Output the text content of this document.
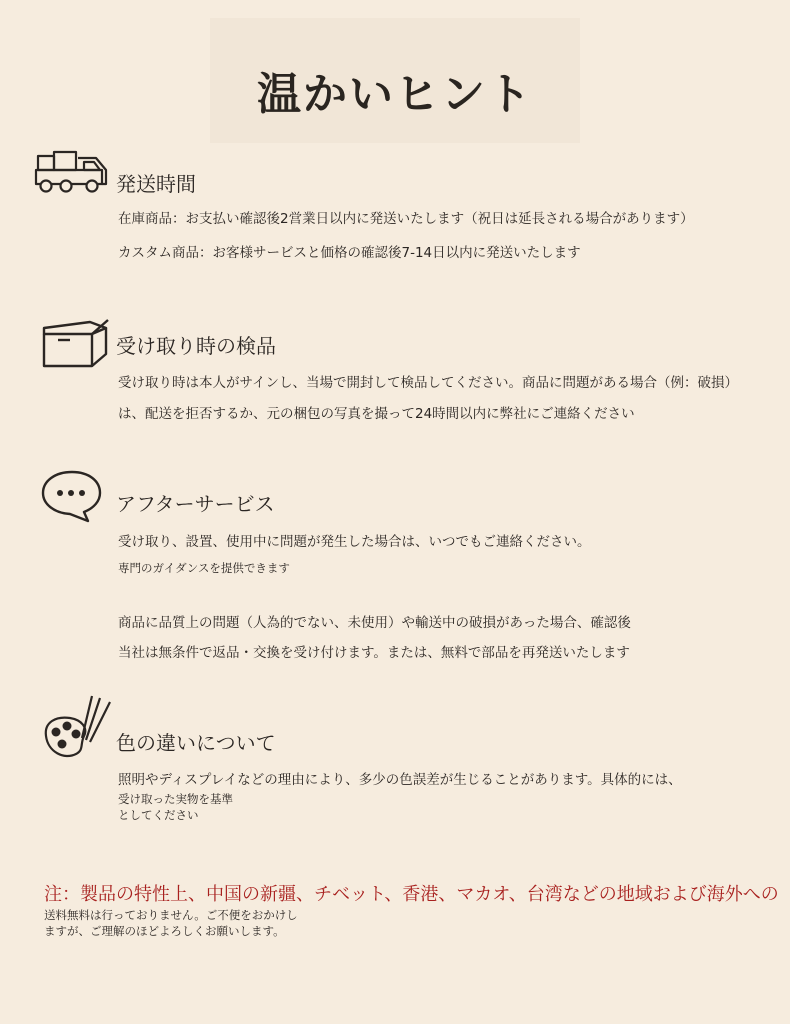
温かいヒント
発送時間
在庫商品：お支払い確認後2営業日以内に発送いたします（祝日は延長される場合があります）
カスタム商品：お客様サービスと価格の確認後7-14日以内に発送いたします
受け取り時の検品
受け取り時は本人がサインし、当場で開封して検品してください。商品に問題がある場合（例：破損）
は、配送を拒否するか、元の梱包の写真を撮って24時間以内に弊社にご連絡ください
アフターサービス
受け取り、設置、使用中に問題が発生した場合は、いつでもご連絡ください。
専門のガイダンスを提供できます
商品に品質上の問題（人為的でない、未使用）や輸送中の破損があった場合、確認後
当社は無条件で返品・交換を受け付けます。または、無料で部品を再発送いたします
色の違いについて
照明やディスプレイなどの理由により、多少の色誤差が生じることがあります。具体的には、
受け取った実物を基準
としてください
注：製品の特性上、中国の新疆、チベット、香港、マカオ、台湾などの地域および海外への
送料無料は行っておりません。ご不便をおかけし
ますが、ご理解のほどよろしくお願いします。
